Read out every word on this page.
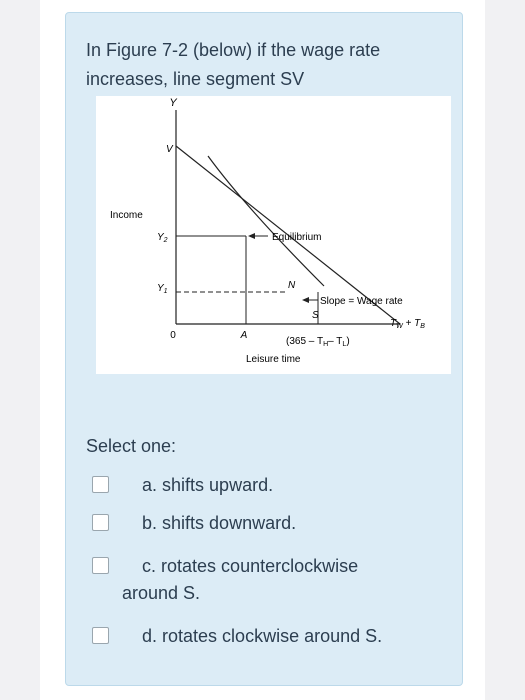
In Figure 7-2 (below) if the wage rate increases, line segment SV
Y
V
Income
$Y_2$
$Y_1$
0	A
Equilibrium
N
Slope = Wage rate
S
$T_W + T_B$
($365 - T_H-$ $T_L$)
Leisure time
Select one:
a. shifts upward.
b. shifts downward.
c. rotates counterclockwise
around S.
d. rotates clockwise around S.
